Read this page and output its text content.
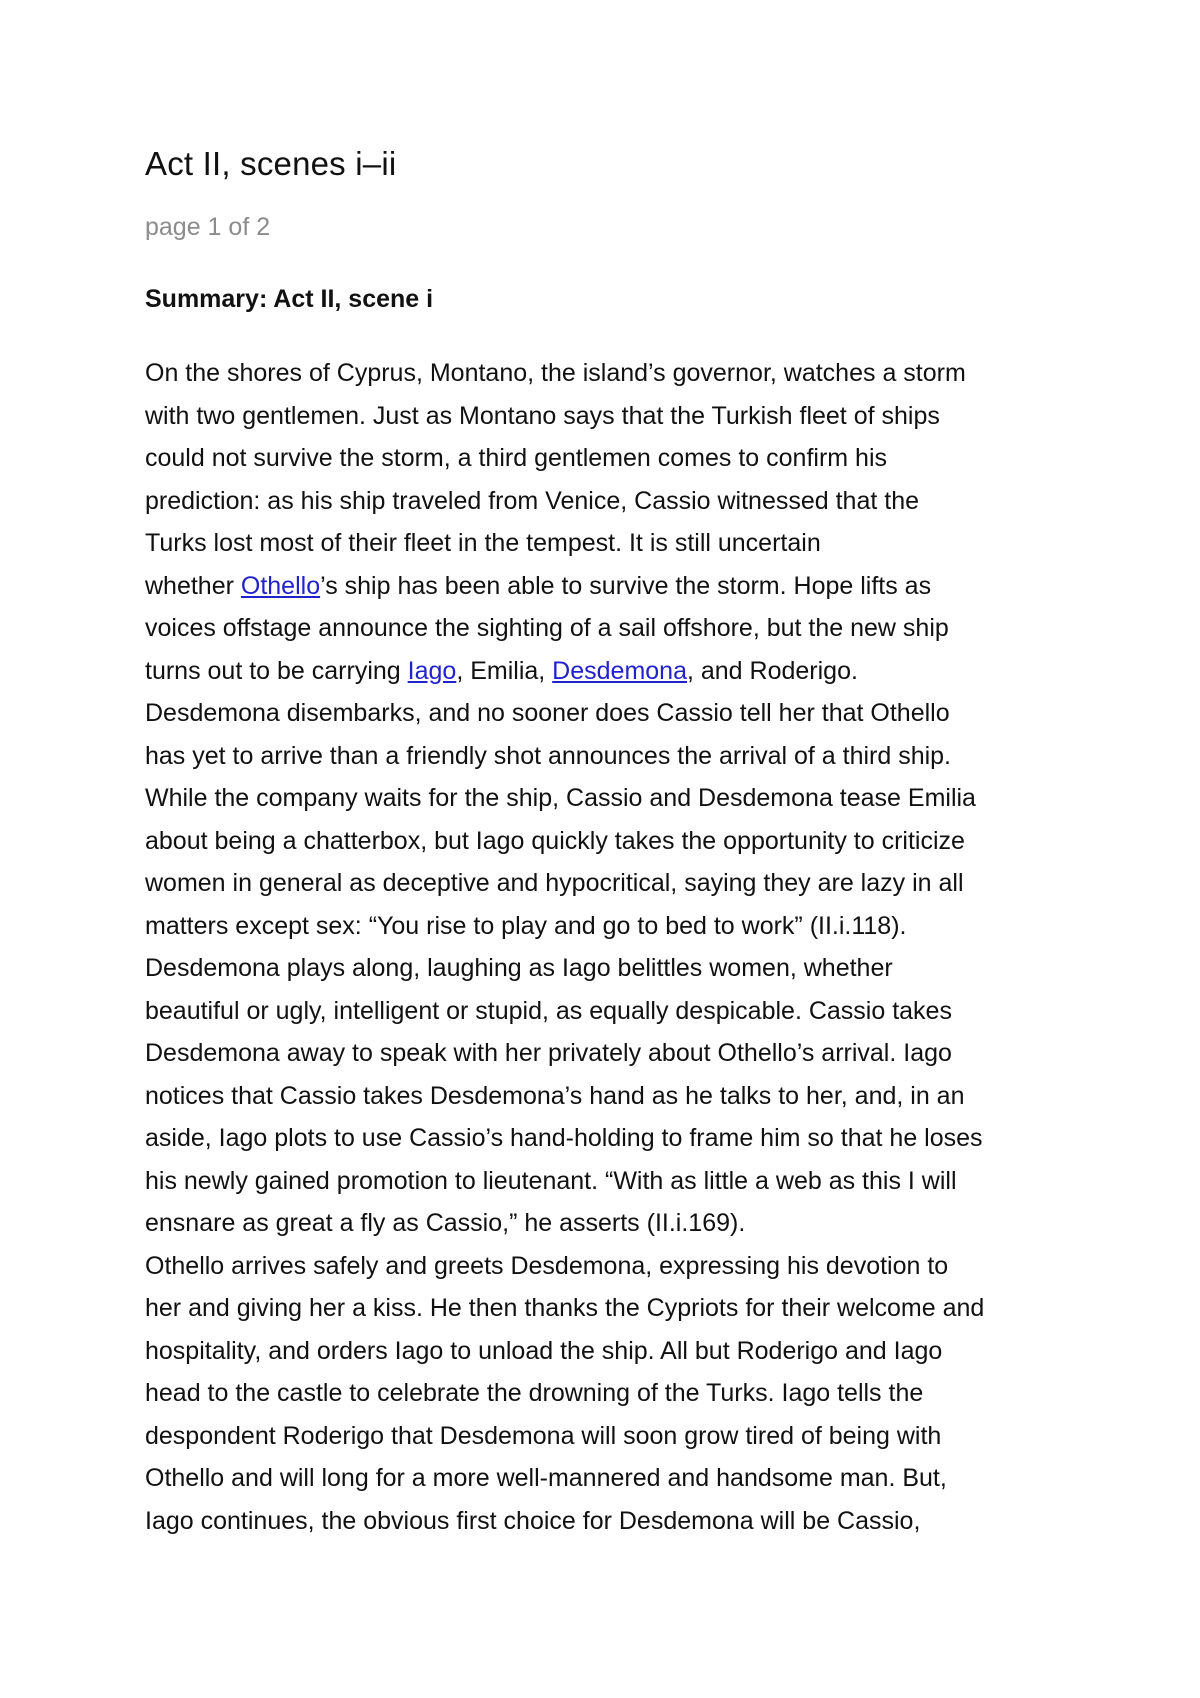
Act II, scenes i–ii
page 1 of 2
Summary: Act II, scene i
On the shores of Cyprus, Montano, the island’s governor, watches a storm
with two gentlemen. Just as Montano says that the Turkish fleet of ships
could not survive the storm, a third gentlemen comes to confirm his
prediction: as his ship traveled from Venice, Cassio witnessed that the
Turks lost most of their fleet in the tempest. It is still uncertain
whether Othello’s ship has been able to survive the storm. Hope lifts as
voices offstage announce the sighting of a sail offshore, but the new ship
turns out to be carrying Iago, Emilia, Desdemona, and Roderigo.
Desdemona disembarks, and no sooner does Cassio tell her that Othello
has yet to arrive than a friendly shot announces the arrival of a third ship.
While the company waits for the ship, Cassio and Desdemona tease Emilia
about being a chatterbox, but Iago quickly takes the opportunity to criticize
women in general as deceptive and hypocritical, saying they are lazy in all
matters except sex: “You rise to play and go to bed to work” (II.i.118).
Desdemona plays along, laughing as Iago belittles women, whether
beautiful or ugly, intelligent or stupid, as equally despicable. Cassio takes
Desdemona away to speak with her privately about Othello’s arrival. Iago
notices that Cassio takes Desdemona’s hand as he talks to her, and, in an
aside, Iago plots to use Cassio’s hand-holding to frame him so that he loses
his newly gained promotion to lieutenant. “With as little a web as this I will
ensnare as great a fly as Cassio,” he asserts (II.i.169).
Othello arrives safely and greets Desdemona, expressing his devotion to
her and giving her a kiss. He then thanks the Cypriots for their welcome and
hospitality, and orders Iago to unload the ship. All but Roderigo and Iago
head to the castle to celebrate the drowning of the Turks. Iago tells the
despondent Roderigo that Desdemona will soon grow tired of being with
Othello and will long for a more well-mannered and handsome man. But,
Iago continues, the obvious first choice for Desdemona will be Cassio,
